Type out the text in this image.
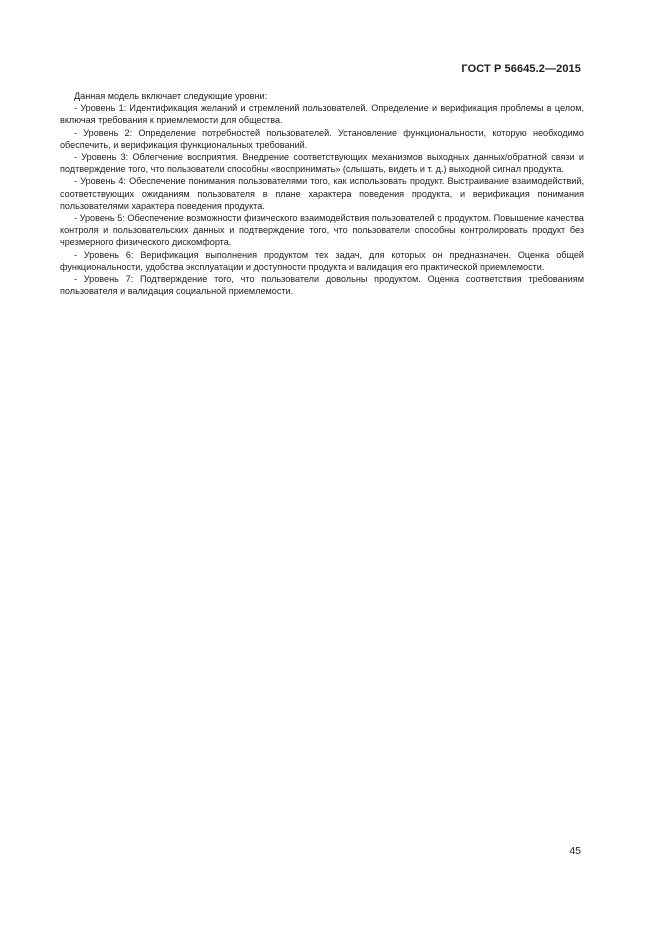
ГОСТ Р 56645.2—2015

Данная модель включает следующие уровни:

- Уровень 1: Идентификация желаний и стремлений пользователей. Определение и верификация проблемы в целом, включая требования к приемлемости для общества.

- Уровень 2: Определение потребностей пользователей. Установление функциональности, которую необходимо обеспечить, и верификация функциональных требований.

- Уровень 3: Облегчение восприятия. Внедрение соответствующих механизмов выходных данных/обратной связи и подтверждение того, что пользователи способны «воспринимать» (слышать, видеть и т. д.) выходной сигнал продукта.

- Уровень 4: Обеспечение понимания пользователями того, как использовать продукт. Выстраивание взаимодействий, соответствующих ожиданиям пользователя в плане характера поведения продукта, и верификация понимания пользователями характера поведения продукта.

- Уровень 5: Обеспечение возможности физического взаимодействия пользователей с продуктом. Повышение качества контроля и пользовательских данных и подтверждение того, что пользователи способны контролировать продукт без чрезмерного физического дискомфорта.

- Уровень 6: Верификация выполнения продуктом тех задач, для которых он предназначен. Оценка общей функциональности, удобства эксплуатации и доступности продукта и валидация его практической приемлемости.

- Уровень 7: Подтверждение того, что пользователи довольны продуктом. Оценка соответствия требованиям пользователя и валидация социальной приемлемости.

45
